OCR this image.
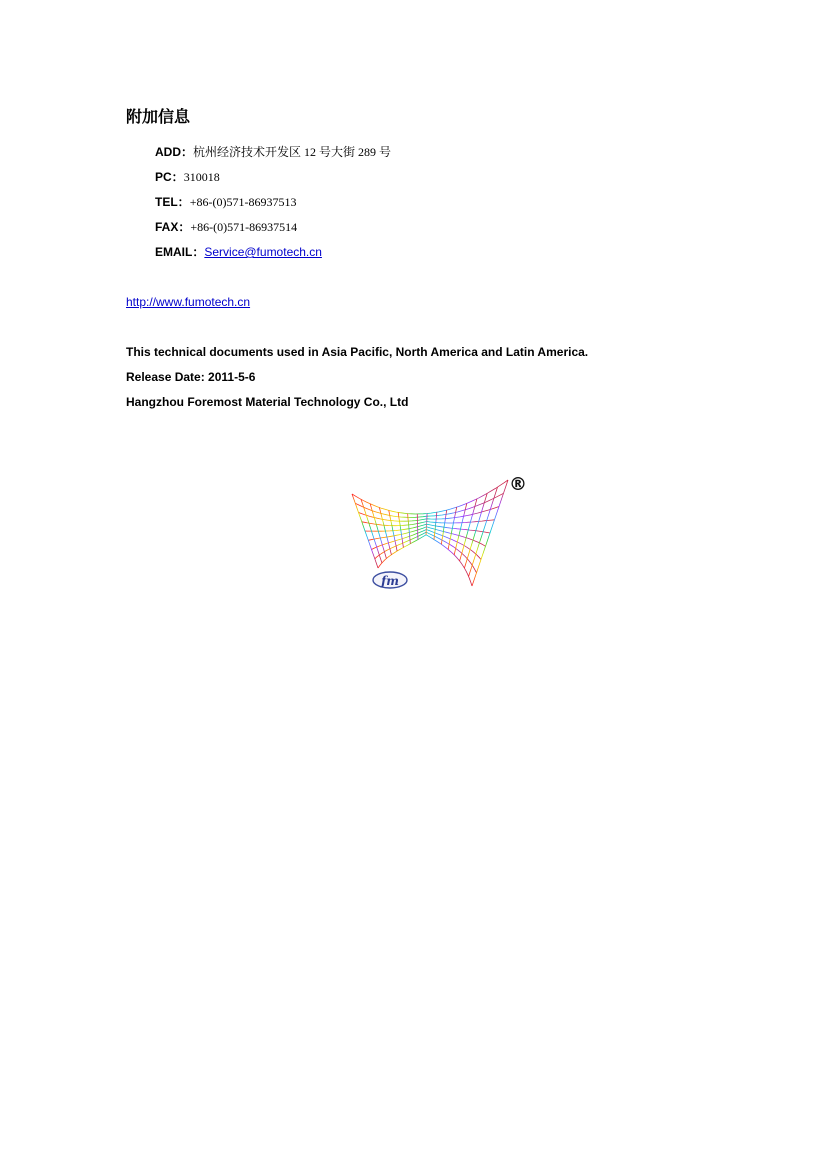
附加信息
ADD：杭州经济技术开发区 12 号大街 289 号
PC：310018
TEL：+86-(0)571-86937513
FAX：+86-(0)571-86937514
EMAIL：Service@fumotech.cn
http://www.fumotech.cn
This technical documents used in Asia Pacific, North America and Latin America.
Release Date: 2011-5-6
Hangzhou Foremost Material Technology Co., Ltd
fm
®
